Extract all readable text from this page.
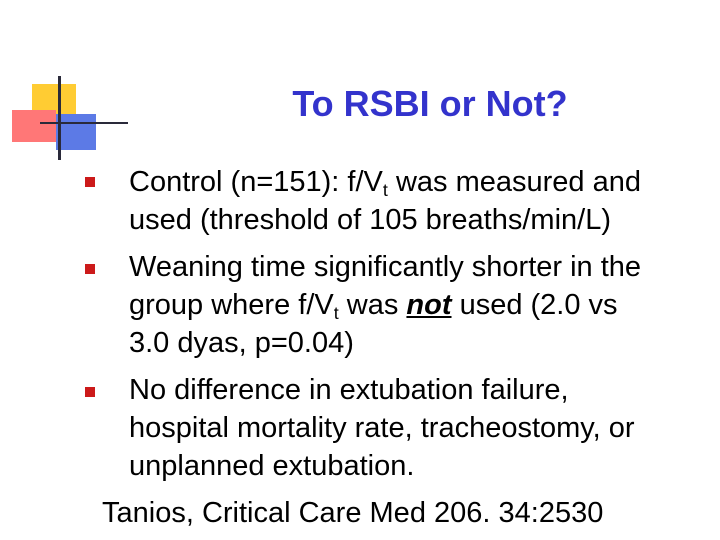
To RSBI or Not?
Control (n=151): $f/V_t$ was measured and
used (threshold of 105 breaths/min/L)
Weaning time significantly shorter in the
group where $f/V_t$ was not used (2.0 vs
3.0 dyas, p=0.04)
No difference in extubation failure,
hospital mortality rate, tracheostomy, or
unplanned extubation.
Tanios, Critical Care Med 206. 34:2530
